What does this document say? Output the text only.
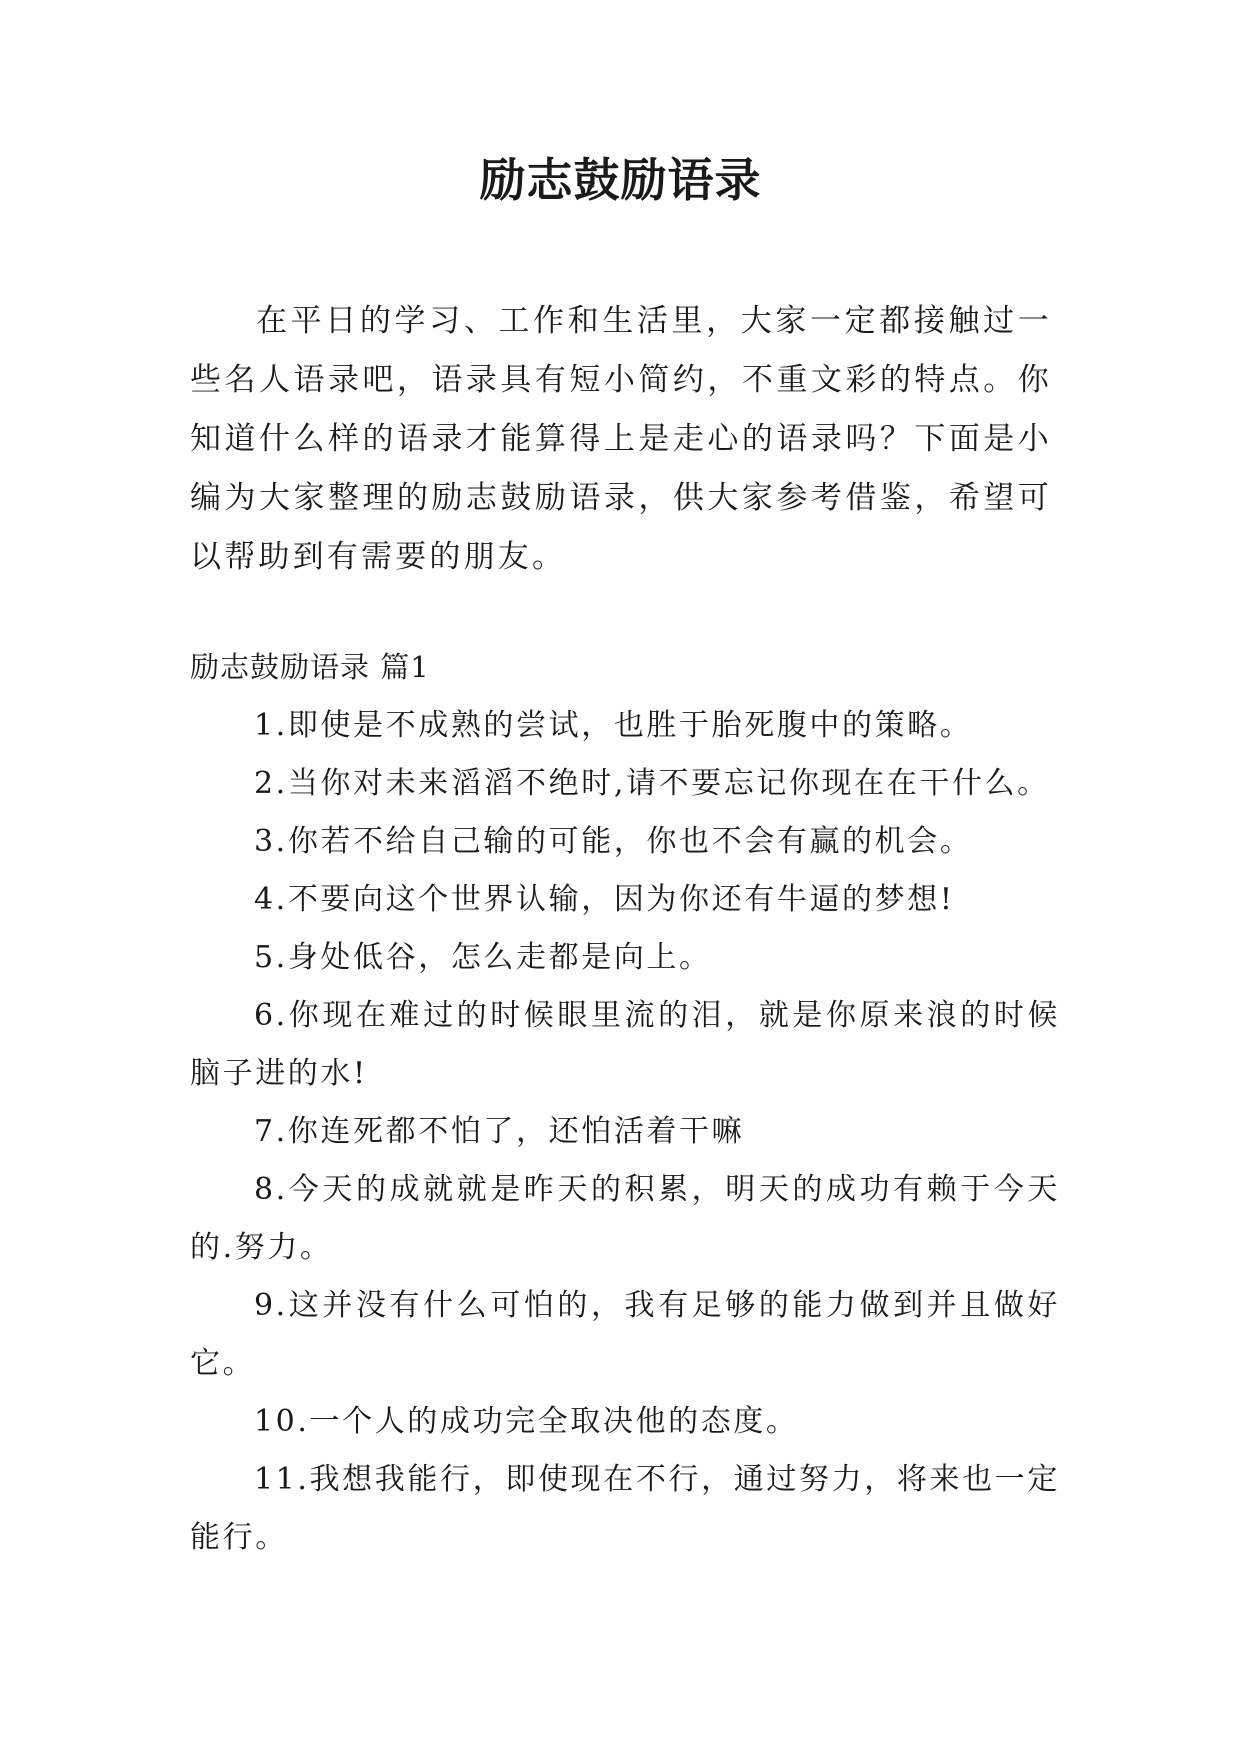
励志鼓励语录

在平日的学习、工作和生活里，大家一定都接触过一些名人语录吧，语录具有短小简约，不重文彩的特点。你知道什么样的语录才能算得上是走心的语录吗？下面是小编为大家整理的励志鼓励语录，供大家参考借鉴，希望可以帮助到有需要的朋友。

励志鼓励语录 篇1

1.即使是不成熟的尝试，也胜于胎死腹中的策略。

2.当你对未来滔滔不绝时,请不要忘记你现在在干什么。

3.你若不给自己输的可能，你也不会有赢的机会。

4.不要向这个世界认输，因为你还有牛逼的梦想!

5.身处低谷，怎么走都是向上。

6.你现在难过的时候眼里流的泪，就是你原来浪的时候脑子进的水!

7.你连死都不怕了，还怕活着干嘛

8.今天的成就就是昨天的积累，明天的成功有赖于今天的.努力。

9.这并没有什么可怕的，我有足够的能力做到并且做好它。

10.一个人的成功完全取决他的态度。

11.我想我能行，即使现在不行，通过努力，将来也一定能行。
